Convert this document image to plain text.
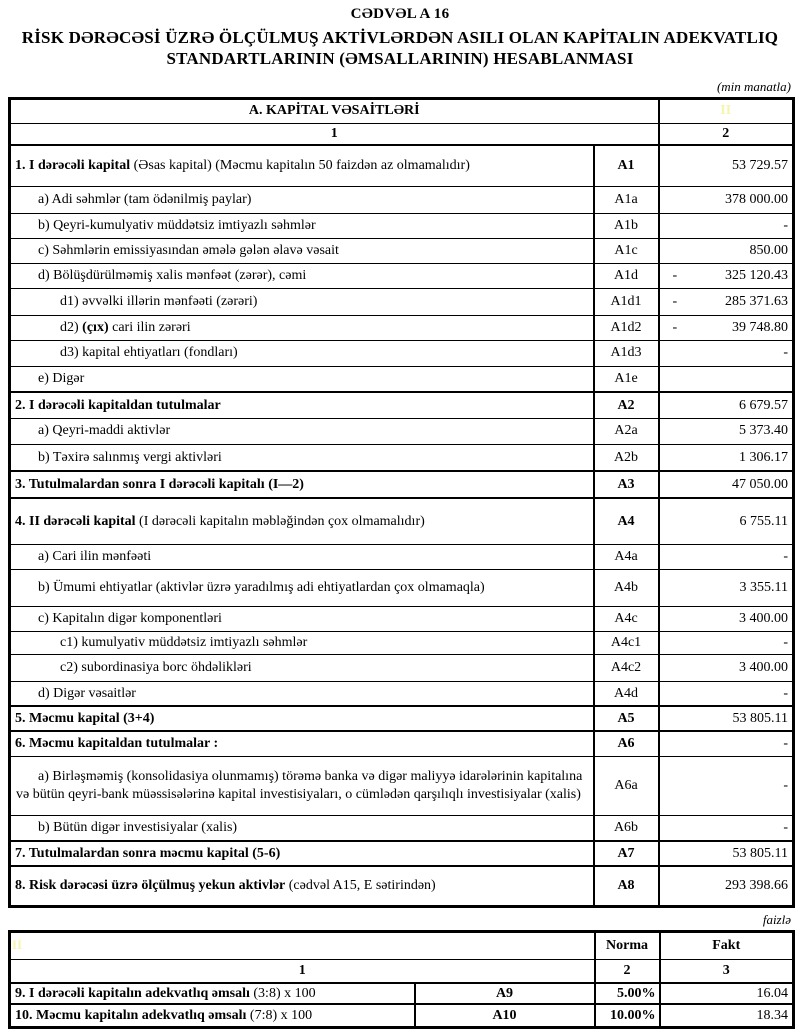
CƏDVƏL A 16
RİSK DƏRƏCƏSİ ÜZRƏ ÖLÇÜLMUŞ AKTİVLƏRDƏN ASILI OLAN KAPİTALIN ADEKVATLIQ
STANDARTLARININ (ƏMSALLARININ) HESABLANMASI
(min manatla)
A. KAPİTAL VƏSAİTLƏRİ		II
1		2
1. I dərəcəli kapital (Əsas kapital) (Məcmu kapitalın 50 faizdən az olmamalıdır)	A1	53 729.57

a) Adi səhmlər (tam ödənilmiş paylar)	A1a	378 000.00

b) Qeyri-kumulyativ müddətsiz imtiyazlı səhmlər	A1b	-

c) Səhmlərin emissiyasından əmələ gələn əlavə vəsait	A1c	850.00

d) Bölüşdürülməmiş xalis mənfəət (zərər), cəmi	A1d	- 325 120.43

d1) əvvəlki illərin mənfəəti (zərəri)	A1d1	- 285 371.63

d2) (çıx) cari ilin zərəri	A1d2	- 39 748.80

d3) kapital ehtiyatları (fondları)	A1d3	-

e) Digər	A1e	

2. I dərəcəli kapitaldan tutulmalar	A2	6 679.57

a) Qeyri-maddi aktivlər	A2a	5 373.40

b) Təxirə salınmış vergi aktivləri	A2b	1 306.17

3. Tutulmalardan sonra I dərəcəli kapitalı (I—2)	A3	47 050.00

4. II dərəcəli kapital (I dərəcəli kapitalın məbləğindən çox olmamalıdır)	A4	6 755.11

a) Cari ilin mənfəəti	A4a	-

b) Ümumi ehtiyatlar (aktivlər üzrə yaradılmış adi ehtiyatlardan çox olmamaqla)	A4b	3 355.11

c) Kapitalın digər komponentləri	A4c	3 400.00

c1) kumulyativ müddətsiz imtiyazlı səhmlər	A4c1	-

c2) subordinasiya borc öhdəlikləri	A4c2	3 400.00

d) Digər vəsaitlər	A4d	-

5. Məcmu kapital (3+4)	A5	53 805.11

6. Məcmu kapitaldan tutulmalar :	A6	-

a) Birləşməmiş (konsolidasiya olunmamış) törəmə banka və digər maliyyə idarələrinin kapitalına və bütün qeyri-bank müəssisələrinə kapital investisiyaları, o cümlədən qarşılıqlı investisiyalar (xalis)	A6a	-

b) Bütün digər investisiyalar (xalis)	A6b	-

7. Tutulmalardan sonra məcmu kapital (5-6)	A7	53 805.11

8. Risk dərəcəsi üzrə ölçülmuş yekun aktivlər (cədvəl A15, E sətirindən)	A8	293 398.66
faizlə
II		Norma	Fakt
1		2	3
9. I dərəcəli kapitalın adekvatlıq əmsalı (3:8) x 100	A9	5.00%	16.04
10. Məcmu kapitalın adekvatlıq əmsalı (7:8) x 100	A10	10.00%	18.34
